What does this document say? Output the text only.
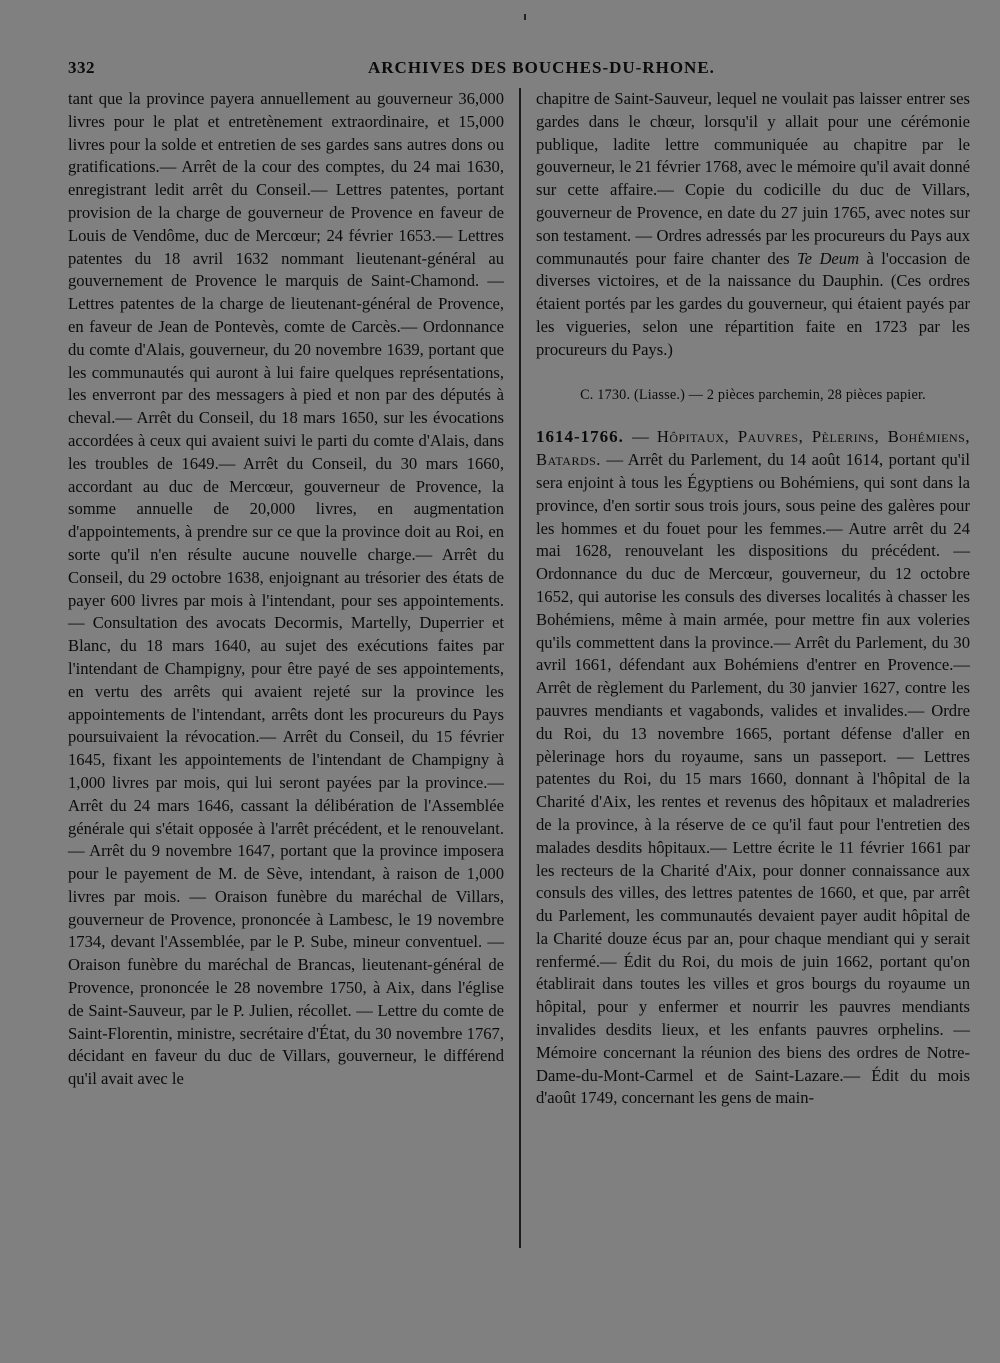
332	ARCHIVES DES BOUCHES-DU-RHONE.

tant que la province payera annuellement au gouverneur 36,000 livres pour le plat et entretènement extraordinaire, et 15,000 livres pour la solde et entretien de ses gardes sans autres dons ou gratifications.— Arrêt de la cour des comptes, du 24 mai 1630, enregistrant ledit arrêt du Conseil.— Lettres patentes, portant provision de la charge de gouverneur de Provence en faveur de Louis de Vendôme, duc de Mercœur; 24 février 1653.— Lettres patentes du 18 avril 1632 nommant lieutenant-général au gouvernement de Provence le marquis de Saint-Chamond. — Lettres patentes de la charge de lieutenant-général de Provence, en faveur de Jean de Pontevès, comte de Carcès.— Ordonnance du comte d'Alais, gouverneur, du 20 novembre 1639, portant que les communautés qui auront à lui faire quelques représentations, les enverront par des messagers à pied et non par des députés à cheval.— Arrêt du Conseil, du 18 mars 1650, sur les évocations accordées à ceux qui avaient suivi le parti du comte d'Alais, dans les troubles de 1649.— Arrêt du Conseil, du 30 mars 1660, accordant au duc de Mercœur, gouverneur de Provence, la somme annuelle de 20,000 livres, en augmentation d'appointements, à prendre sur ce que la province doit au Roi, en sorte qu'il n'en résulte aucune nouvelle charge.— Arrêt du Conseil, du 29 octobre 1638, enjoignant au trésorier des états de payer 600 livres par mois à l'intendant, pour ses appointements.— Consultation des avocats Decormis, Martelly, Duperrier et Blanc, du 18 mars 1640, au sujet des exécutions faites par l'intendant de Champigny, pour être payé de ses appointements, en vertu des arrêts qui avaient rejeté sur la province les appointements de l'intendant, arrêts dont les procureurs du Pays poursuivaient la révocation.— Arrêt du Conseil, du 15 février 1645, fixant les appointements de l'intendant de Champigny à 1,000 livres par mois, qui lui seront payées par la province.— Arrêt du 24 mars 1646, cassant la délibération de l'Assemblée générale qui s'était opposée à l'arrêt précédent, et le renouvelant.— Arrêt du 9 novembre 1647, portant que la province imposera pour le payement de M. de Sève, intendant, à raison de 1,000 livres par mois. — Oraison funèbre du maréchal de Villars, gouverneur de Provence, prononcée à Lambesc, le 19 novembre 1734, devant l'Assemblée, par le P. Sube, mineur conventuel. — Oraison funèbre du maréchal de Brancas, lieutenant-général de Provence, prononcée le 28 novembre 1750, à Aix, dans l'église de Saint-Sauveur, par le P. Julien, récollet. — Lettre du comte de Saint-Florentin, ministre, secrétaire d'État, du 30 novembre 1767, décidant en faveur du duc de Villars, gouverneur, le différend qu'il avait avec le

chapitre de Saint-Sauveur, lequel ne voulait pas laisser entrer ses gardes dans le chœur, lorsqu'il y allait pour une cérémonie publique, ladite lettre communiquée au chapitre par le gouverneur, le 21 février 1768, avec le mémoire qu'il avait donné sur cette affaire.— Copie du codicille du duc de Villars, gouverneur de Provence, en date du 27 juin 1765, avec notes sur son testament. — Ordres adressés par les procureurs du Pays aux communautés pour faire chanter des Te Deum à l'occasion de diverses victoires, et de la naissance du Dauphin. (Ces ordres étaient portés par les gardes du gouverneur, qui étaient payés par les vigueries, selon une répartition faite en 1723 par les procureurs du Pays.)

C. 1730. (Liasse.) — 2 pièces parchemin, 28 pièces papier.

1614-1766. — Hôpitaux, Pauvres, Pèlerins, Bohémiens, Batards. — Arrêt du Parlement, du 14 août 1614, portant qu'il sera enjoint à tous les Égyptiens ou Bohémiens, qui sont dans la province, d'en sortir sous trois jours, sous peine des galères pour les hommes et du fouet pour les femmes.— Autre arrêt du 24 mai 1628, renouvelant les dispositions du précédent. — Ordonnance du duc de Mercœur, gouverneur, du 12 octobre 1652, qui autorise les consuls des diverses localités à chasser les Bohémiens, même à main armée, pour mettre fin aux voleries qu'ils commettent dans la province.— Arrêt du Parlement, du 30 avril 1661, défendant aux Bohémiens d'entrer en Provence.— Arrêt de règlement du Parlement, du 30 janvier 1627, contre les pauvres mendiants et vagabonds, valides et invalides.— Ordre du Roi, du 13 novembre 1665, portant défense d'aller en pèlerinage hors du royaume, sans un passeport. — Lettres patentes du Roi, du 15 mars 1660, donnant à l'hôpital de la Charité d'Aix, les rentes et revenus des hôpitaux et maladreries de la province, à la réserve de ce qu'il faut pour l'entretien des malades desdits hôpitaux.— Lettre écrite le 11 février 1661 par les recteurs de la Charité d'Aix, pour donner connaissance aux consuls des villes, des lettres patentes de 1660, et que, par arrêt du Parlement, les communautés devaient payer audit hôpital de la Charité douze écus par an, pour chaque mendiant qui y serait renfermé.— Édit du Roi, du mois de juin 1662, portant qu'on établirait dans toutes les villes et gros bourgs du royaume un hôpital, pour y enfermer et nourrir les pauvres mendiants invalides desdits lieux, et les enfants pauvres orphelins. — Mémoire concernant la réunion des biens des ordres de Notre-Dame-du-Mont-Carmel et de Saint-Lazare.— Édit du mois d'août 1749, concernant les gens de main-
